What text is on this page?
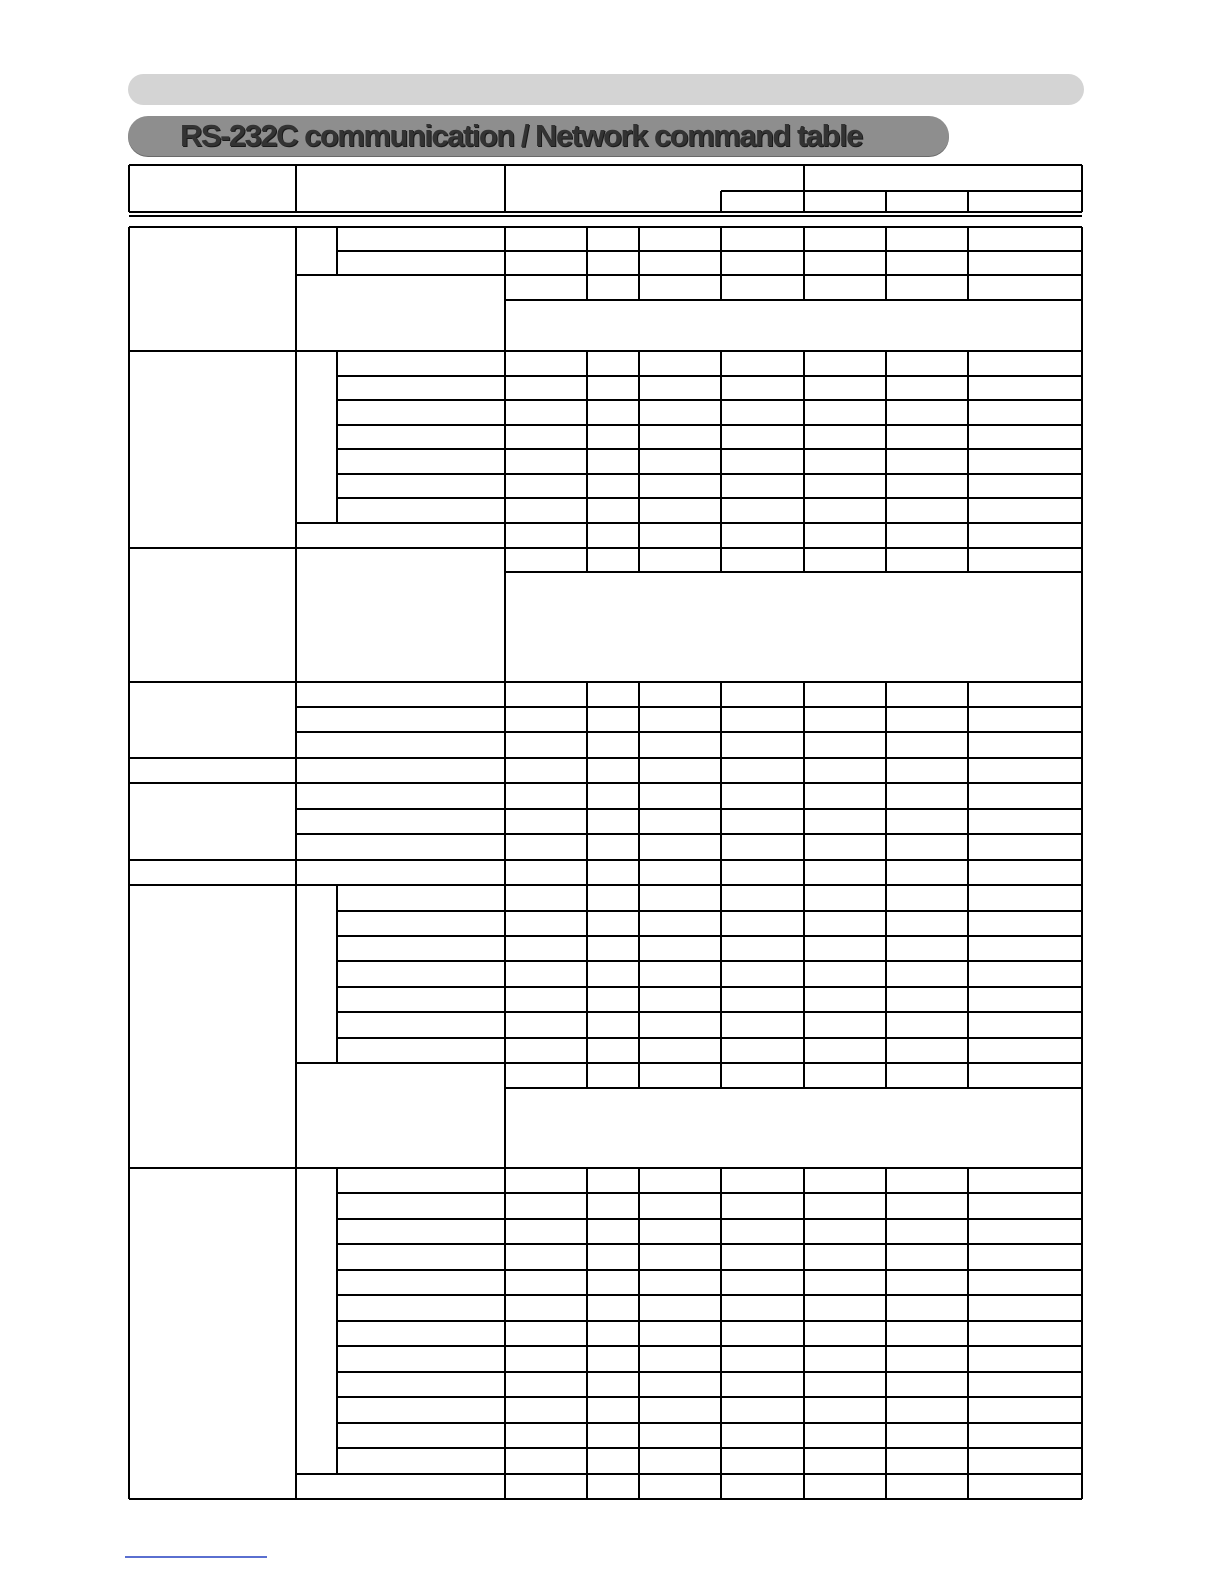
RS-232C communication / Network command table
